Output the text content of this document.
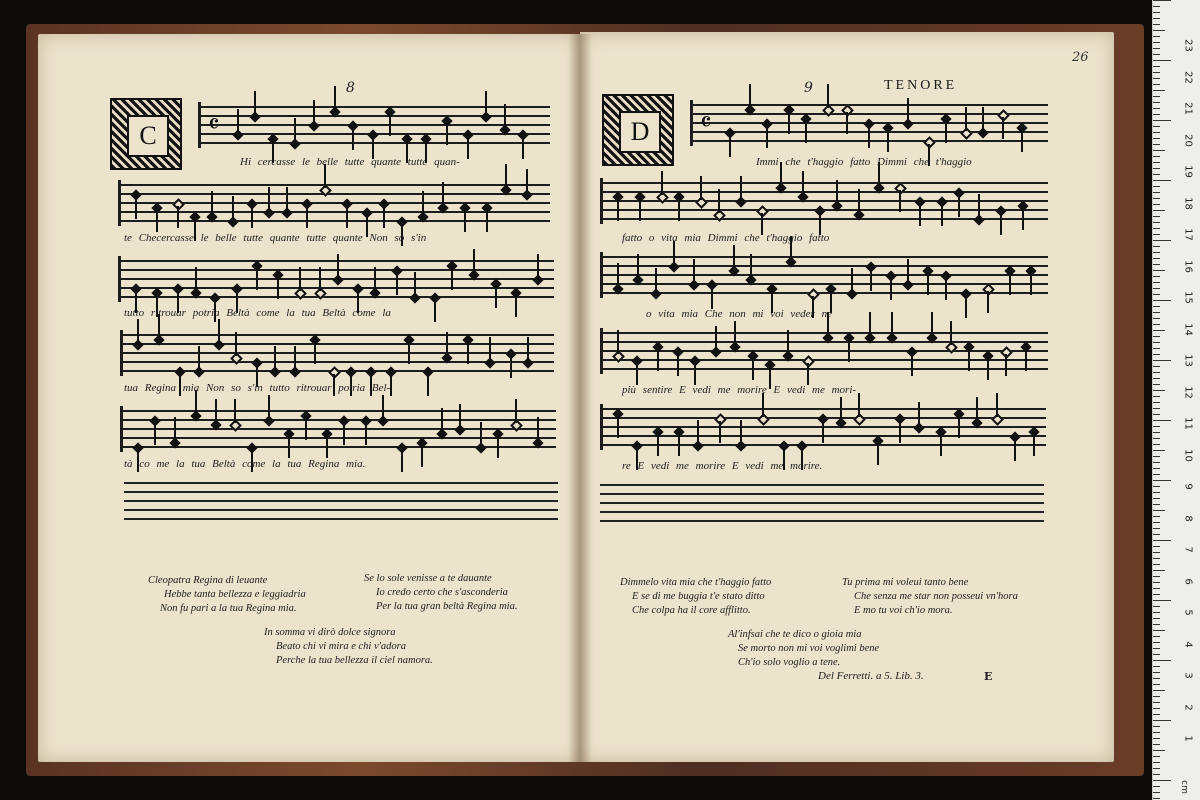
8
C	𝄴
Hi cercasse le belle tutte quante tutte quan-
te Checercasse le belle tutte quante tutte quante Non so s'in
tutto ritrouar potria Beltà come la tua Beltà come la
tua Regina mia Non so s'in tutto ritrouar potria Bel-
tà co me la tua Beltà come la tua Regina mia.
Cleopatra Regina di leuante
Hebbe tanta bellezza e leggiadria
Non fu pari a la tua Regina mia.
Se lo sole venisse a te dauante
Io credo certo che s'asconderia
Per la tua gran beltà Regina mia.
In somma vi dirò dolce signora
Beato chi vi mira e chi v'adora
Perche la tua bellezza il ciel namora.
9	TENORE
26
D	𝄴
Immi che t'haggio fatto Dimmi che t'haggio
fatto o vita mia Dimmi che t'haggio fatto
o vita mia Che non mi voi veder ne
più sentire E vedi me morire E vedi me mori-
re E vedi me morire E vedi me morire.
Dimmelo vita mia che t'haggio fatto
E se di me buggia t'e stato ditto
Che colpa ha il core afflitto.
Tu prima mi voleui tanto bene
Che senza me star non posseui vn'hora
E mo tu voi ch'io mora.
Al'infsai che te dico o gioia mia
Se morto non mi voi voglimi bene
Ch'io solo voglio a tene.
Del Ferretti. a 5. Lib. 3.	E
cm
23
22
21
20
19
18
17
16
15
14
13
12
11
10
9
8
7
6
5
4
3
2
1
